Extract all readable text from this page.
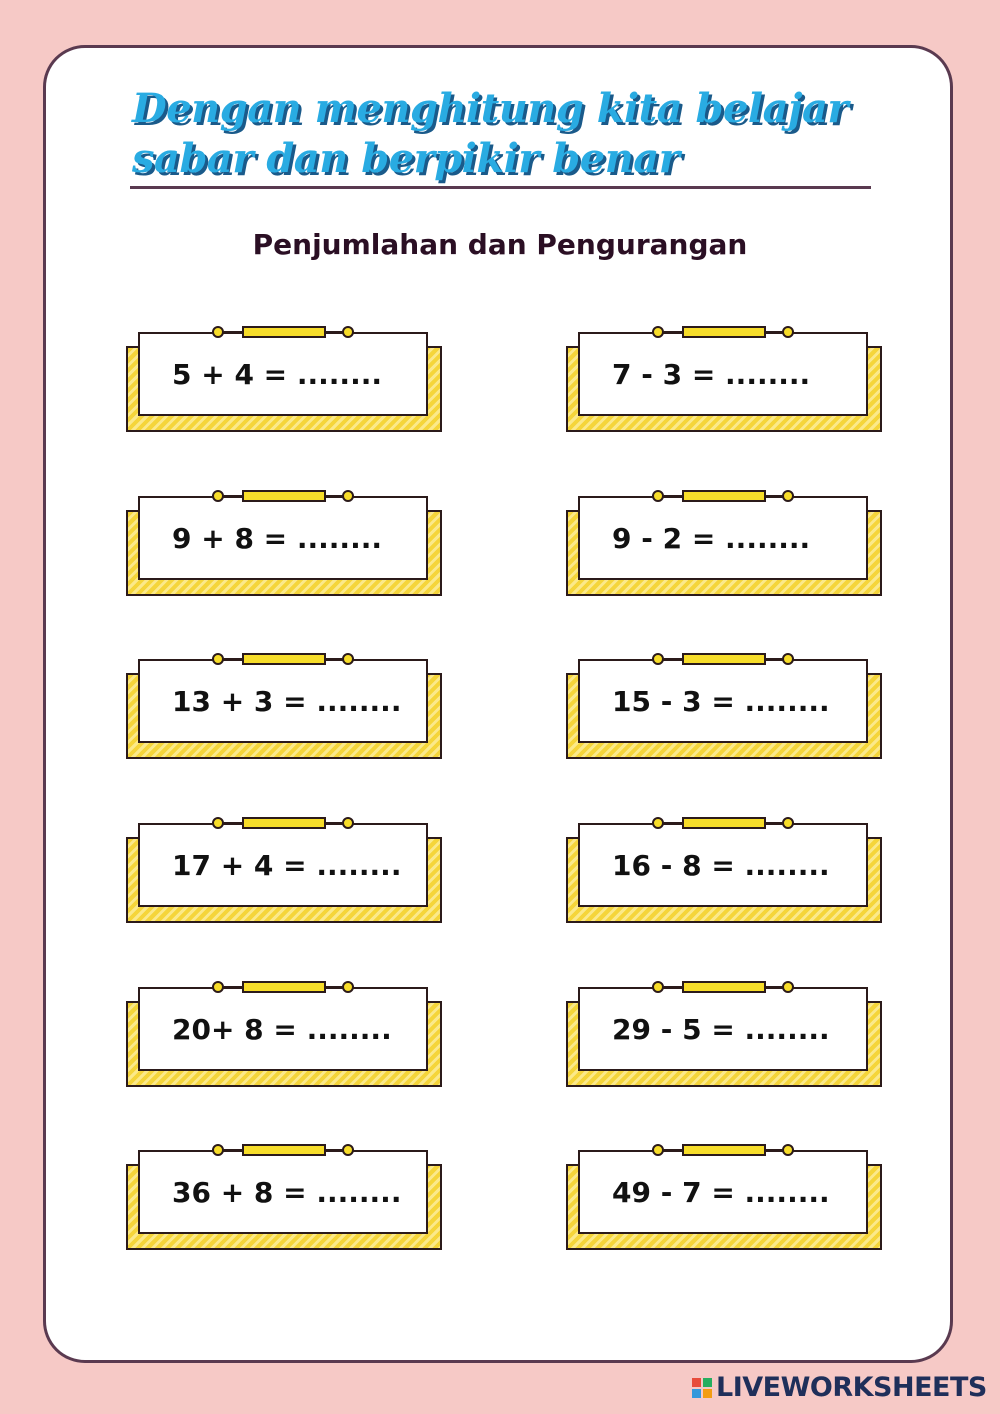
Dengan menghitung kita belajar
sabar dan berpikir benar
Penjumlahan dan Pengurangan
5 + 4 = ........
9 + 8 = ........
13 + 3 = ........
17 + 4 = ........
20+ 8 = ........
36 + 8 = ........
7 - 3 = ........
9 - 2 = ........
15 - 3 = ........
16 - 8 = ........
29 - 5 = ........
49 - 7 = ........
LIVEWORKSHEETS
